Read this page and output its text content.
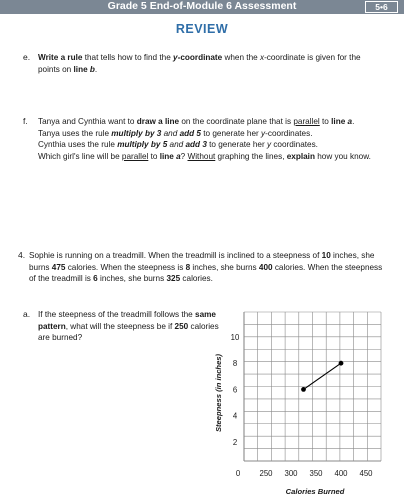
Grade 5 End-of-Module 6 Assessment	5•6
REVIEW
e. Write a rule that tells how to find the y-coordinate when the x-coordinate is given for the points on line b.
f. Tanya and Cynthia want to draw a line on the coordinate plane that is parallel to line a.
Tanya uses the rule multiply by 3 and add 5 to generate her y-coordinates.
Cynthia uses the rule multiply by 5 and add 3 to generate her y coordinates.
Which girl's line will be parallel to line a? Without graphing the lines, explain how you know.
4. Sophie is running on a treadmill. When the treadmill is inclined to a steepness of 10 inches, she burns 475 calories. When the steepness is 8 inches, she burns 400 calories. When the steepness of the treadmill is 6 inches, she burns 325 calories.
a. If the steepness of the treadmill follows the same pattern, what will the steepness be if 250 calories are burned?
0 250 300 350 400 450
2
4
6
8
10
Calories Burned
Steepness (in inches)
